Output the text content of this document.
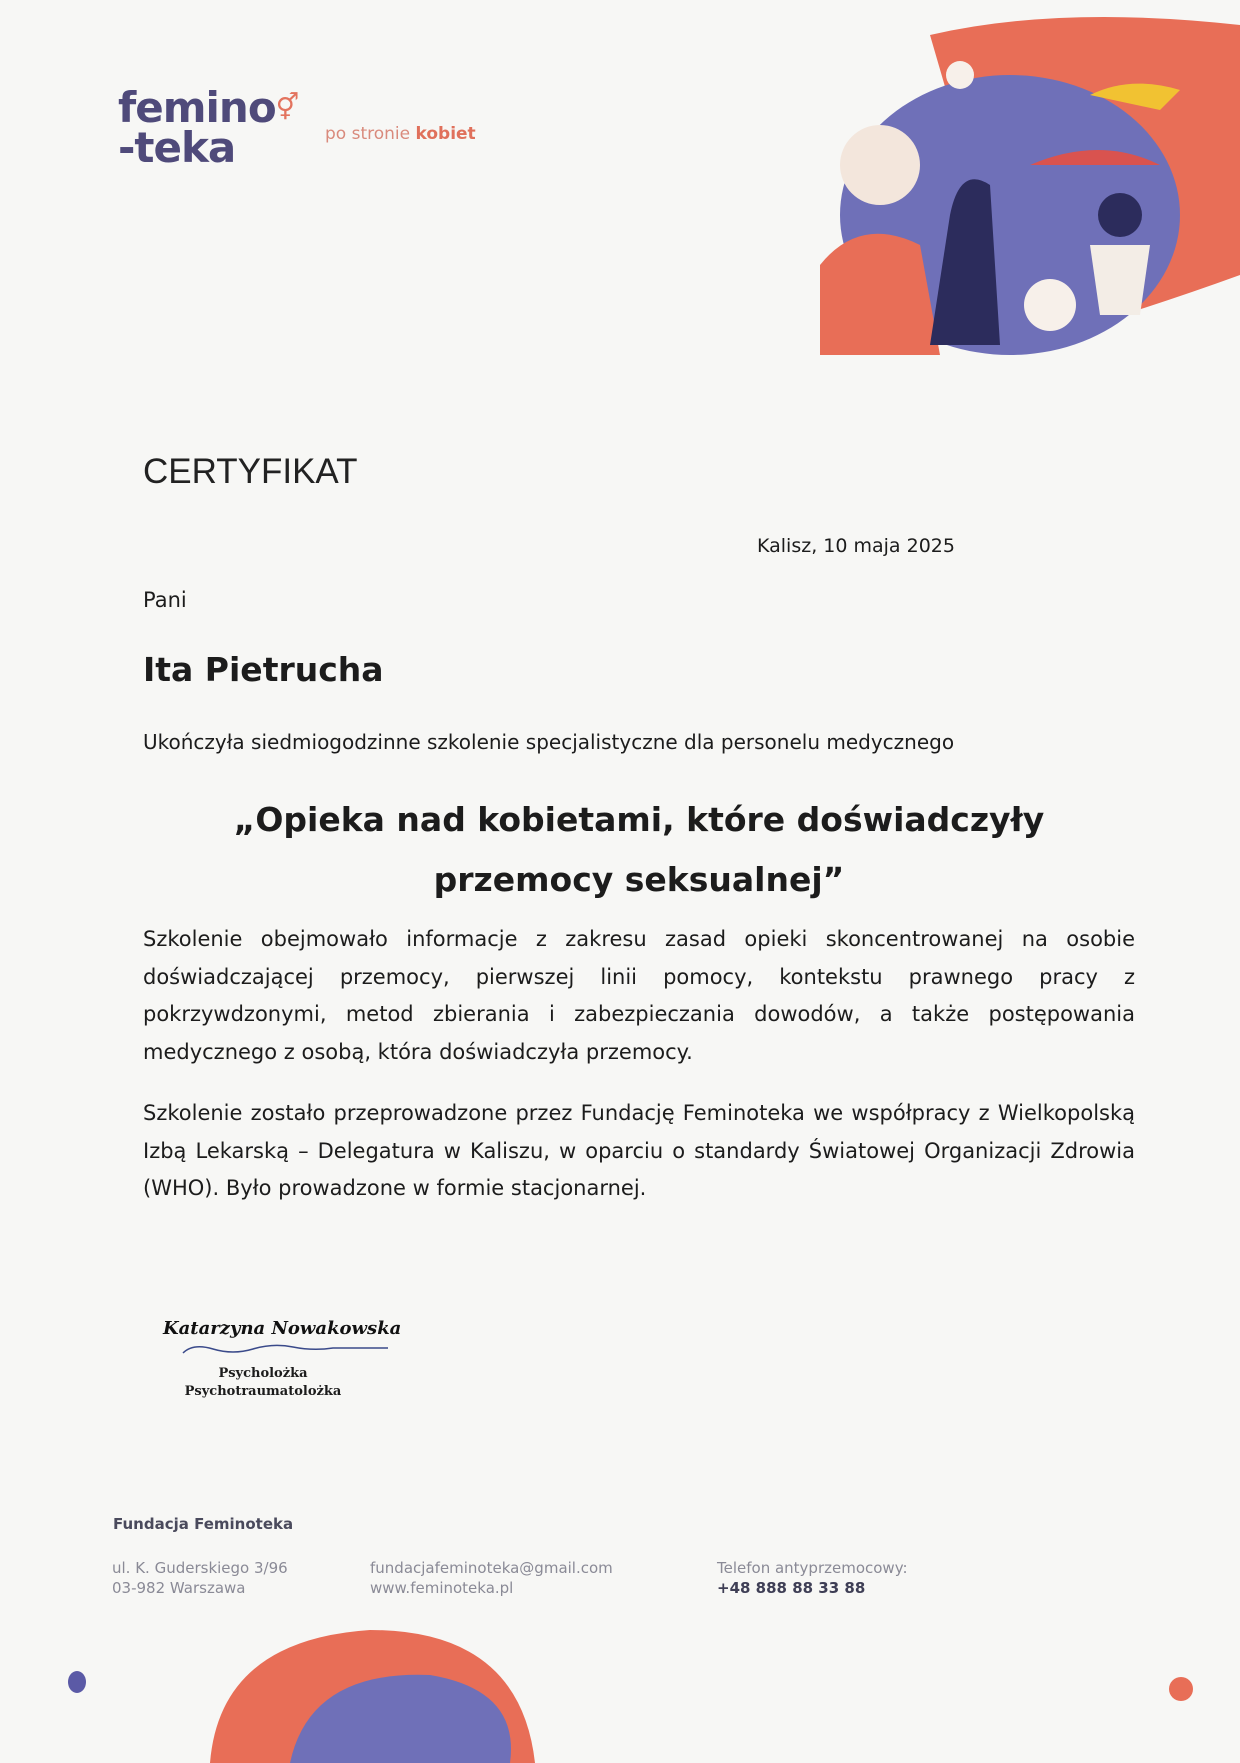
femino⚥
-teka	po stronie kobiet
CERTYFIKAT
Kalisz, 10 maja 2025
Pani
Ita Pietrucha
Ukończyła siedmiogodzinne szkolenie specjalistyczne dla personelu medycznego
„Opieka nad kobietami, które doświadczyły przemocy seksualnej”
Szkolenie obejmowało informacje z zakresu zasad opieki skoncentrowanej na osobie doświadczającej przemocy, pierwszej linii pomocy, kontekstu prawnego pracy z pokrzywdzonymi, metod zbierania i zabezpieczania dowodów, a także postępowania medycznego z osobą, która doświadczyła przemocy.
Szkolenie zostało przeprowadzone przez Fundację Feminoteka we współpracy z Wielkopolską Izbą Lekarską – Delegatura w Kaliszu, w oparciu o standardy Światowej Organizacji Zdrowia (WHO). Było prowadzone w formie stacjonarnej.
Katarzyna Nowakowska
Psycholożka
Psychotraumatolożka
Fundacja Feminoteka
ul. K. Guderskiego 3/96
03-982 Warszawa
fundacjafeminoteka@gmail.com
www.feminoteka.pl
Telefon antyprzemocowy:
+48 888 88 33 88
